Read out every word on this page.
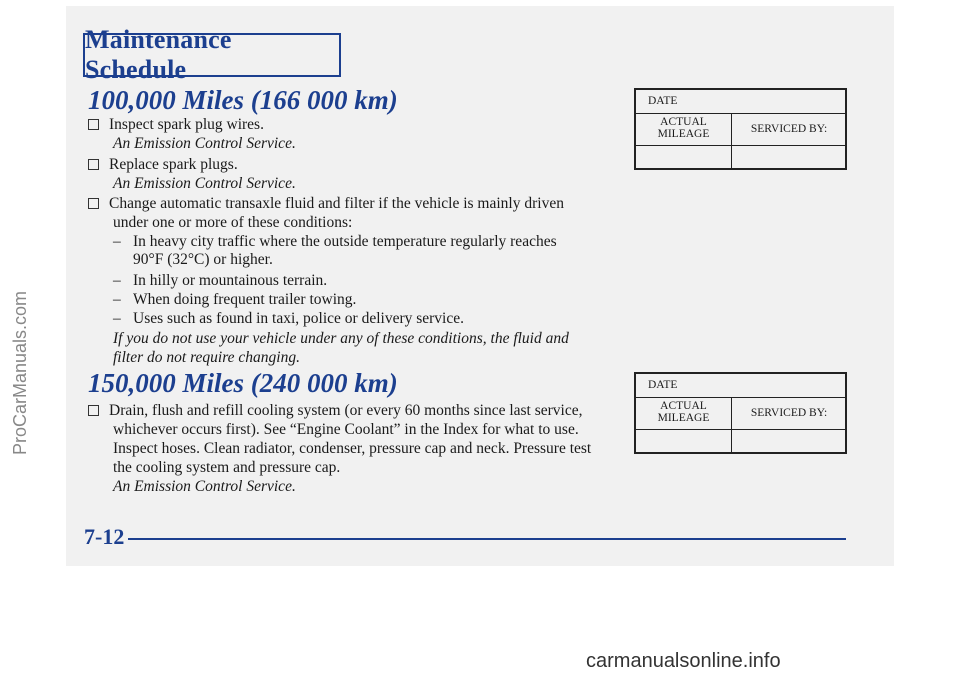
Maintenance Schedule
100,000 Miles (166 000 km)
Inspect spark plug wires.
An Emission Control Service.
Replace spark plugs.
An Emission Control Service.
Change automatic transaxle fluid and filter if the vehicle is mainly driven
under one or more of these conditions:
– In heavy city traffic where the outside temperature regularly reaches
90°F (32°C) or higher.
– In hilly or mountainous terrain.
– When doing frequent trailer towing.
– Uses such as found in taxi, police or delivery service.
If you do not use your vehicle under any of these conditions, the fluid and
filter do not require changing.
DATE
ACTUAL
MILEAGE	SERVICED BY:
150,000 Miles (240 000 km)
Drain, flush and refill cooling system (or every 60 months since last service,
whichever occurs first). See “Engine Coolant” in the Index for what to use.
Inspect hoses. Clean radiator, condenser, pressure cap and neck. Pressure test
the cooling system and pressure cap.
An Emission Control Service.
DATE
ACTUAL
MILEAGE	SERVICED BY:
7-12
ProCarManuals.com
carmanualsonline.info
